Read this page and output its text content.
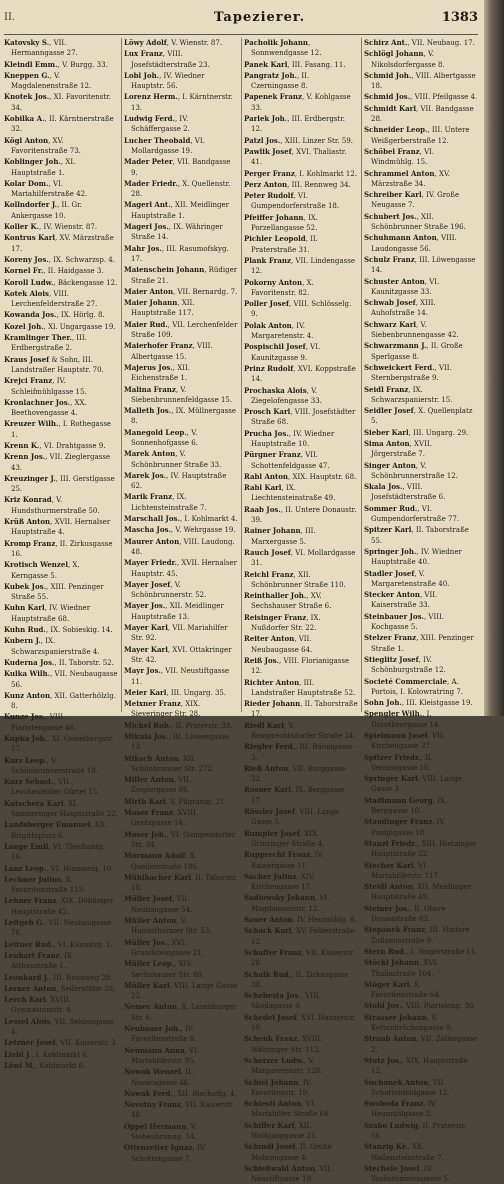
II.	Tapezierer.	1383
Katovsky S., VII. Hermanngasse 27.
Kleindl Emm., V. Burgg. 33.
Kneppen G., V. Magdalenenstraße 12.
Knotek Jos., XI. Favoritenstr. 34.
Kobilka A., II. Kärntnerstraße 32.
Kögl Anton, XV. Favoritenstraße 73.
Koblinger Joh., XI. Hauptstraße 1.
Kolar Dom., VI. Mariahilferstraße 42.
Kollndorfer J., II. Gr. Ankergasse 10.
Koller K., IV. Wienstr. 87.
Kontrus Karl, XV. Märzstraße 17.
Koreny Jos., IX. Schwarzsp. 4.
Kornel Fr., II. Haidgasse 3.
Koroll Ludw., Bäckengasse 12.
Kotek Alois, VIII. Lerchenfelderstraße 27.
Kowanda Jos., IX. Hörlg. 8.
Kozel Joh., Xl. Ungargasse 19.
Kramlinger Ther., III. Erdbergstraße 2.
Kraus Josef & Sohn, III. Landstraßer Hauptstr. 70.
Krejci Franz, IV. Schleifmühlgasse 15.
Kronlachner Jos., XX. Beethovengasse 4.
Kreuzer Wilh., I. Rothegasse 1.
Krenn K., VI. Drahtgasse 9.
Krenn Jos., VII. Zieglergasse 43.
Kreuzinger J., III. Gerstlgasse 25.
Kriz Konrad, V. Hundsthurmerstraße 50.
Krüß Anton, XVII. Hernalser Hauptstraße 4.
Kromp Franz, II. Zirkusgasse 16.
Krotisch Wenzel, X. Kerngasse 5.
Kubek Jos., XIII. Penzinger Straße 55.
Kuhn Karl, IV. Wiedner Hauptstraße 68.
Kuhn Rud., IX. Sobieskig. 14.
Kubern J., IX. Schwarzspanierstraße 4.
Kuderna Jos., II. Taborstr. 52.
Kulka Wilh., VII. Neubaugasse 56.
Kunz Anton, XII. Gatterhölzlg. 8.
Kunze Jos., VIII. Piaristengasse 46.
Kupka Joh., XI. Geiselbergstr. 17.
Kurz Leop., V. Schönbrunnerstraße 18.
Kurz Sebast., VII. Lerchenfelder Gürtel 15.
Kutschera Karl, XI. Simmeringer Hauptstraße 22.
Landsberger Emanuel, XX. Brigittaplatz 6.
Lange Emil, VI. Theobaldg. 16.
Lanz Leop., VI. Hummelg. 10.
Lechner Julius, X. Favoritenstraße 113.
Lehner Franz, XIX. Döblinger Hauptstraße 42.
Leitgeb G., VII. Neubaugasse 76.
Leitner Rud., VI. Kaunitzg. 1.
Lenhart Franz, IX. Althanstraße 1.
Leonhard J., III. Rennweg 28.
Lerner Anton, Seilerstätte 28.
Lerch Karl, XVIII. Gymnasiumstr. 4.
Lessel Alois, VII. Seidengasse 4.
Letzner Josef, VII. Kaiserstr. 3.
Liebl J., I. Kohlmarkt 6.
Löwi M., Kohlmarkt 6.
Löwy Adolf, V. Wienstr. 87.
Lux Franz, VIII. Josefstädterstraße 23.
Lobl Joh., IV. Wiedner Hauptstr. 56.
Lorenz Herm., I. Kärntnerstr. 13.
Ludwig Ferd., IV. Schäffergasse 2.
Lucher Theobald, VI. Mollardgasse 19.
Mader Peter, VII. Bandgasse 9.
Mader Friedr., X. Quellenstr. 28.
Magerl Ant., XII. Meidlinger Hauptstraße 1.
Magerl Jos., IX. Währinger Straße 14.
Mahr Jos., III. Rasumofskyg. 17.
Maienschein Johann, Rüdiger Straße 21.
Maier Anton, VII. Bernardg. 7.
Maier Johann, XII. Hauptstraße 117.
Maier Rud., VII. Lerchenfelder Straße 109.
Maierhofer Franz, VIII. Albertgasse 15.
Majerus Jos., XII. Eichenstraße 1.
Malina Franz, V. Siebenbrunnenfeldgasse 15.
Malleth Jos., IX. Müllnergasse 8.
Manegold Leop., V. Sonnenhofgasse 6.
Marek Anton, V. Schönbrunner Straße 33.
Marek Jos., IV. Hauptstraße 62.
Marik Franz, IX. Lichtensteinstraße 7.
Marschall Jos., I. Kohlmarkt 4.
Mascha Jos., V. Wehrgasse 19.
Maurer Anton, VIII. Laudong. 48.
Mayer Friedr., XVII. Hernalser Hauptstr. 45.
Mayer Josef, V. Schönbrunnerstr. 52.
Mayer Jos., XII. Meidlinger Hauptstraße 13.
Mayer Karl, VII. Mariahilfer Str. 92.
Mayer Karl, XVI. Ottakringer Str. 42.
Mayr Jos., VII. Neustiftgasse 11.
Meier Karl, III. Ungarg. 35.
Meixner Franz, XIX. Sieveringer Str. 28.
Michel Rob., II. Praterstr. 38.
Mikula Jos., III. Löwengasse 13.
Miksch Anton, XII. Schönbrunner Str. 272.
Miller Anton, VII. Zieglergasse 86.
Mirth Karl, V. Pilgramg. 21.
Moser Franz, XVIII. Gentzgasse 14.
Moser Joh., VI. Gumpendorfer Str. 34.
Mormann Adolf, X. Quellenstraße 186.
Mühlbacher Karl, II. Taborstr. 18.
Müller Josef, VII. Neubaugasse 54.
Müller Anton, V. Hundsthurmer Str. 53.
Müller Jos., XVI. Grundsteingasse 21.
Müller Leop., XIV. Sechshauser Str. 80.
Müller Karl, VIII. Lange Gasse 22.
Nemec Anton, X. Laxenburger Str. 6.
Neubauer Joh., IV. Favoritenstraße 8.
Neumann Anna, VI. Mariahilferstr. 95.
Nowak Wenzel, II. Novaragasse 46.
Nowak Ferd., XII. Bischoffg. 4.
Novotny Franz, VII. Kaiserstr. 48.
Oppel Hermann, V. Siebenbrunng. 14.
Ottenreiter Ignaz, IV. Schottengasse 7.
Pacholik Johann, Sonnwendgasse 12.
Panek Karl, III. Fasang. 11.
Pangratz Joh., II. Czerningasse 8.
Papenek Franz, V. Kohlgasse 33.
Parlek Joh., III. Erdbergstr. 12.
Patzl Jos., XIII. Linzer Str. 59.
Pawlik Josef, XVI. Thaliastr. 41.
Perger Franz, I. Kohlmarkt 12.
Perz Anton, III. Rennweg 34.
Peter Rudolf, VI. Gumpendorferstraße 18.
Pfeiffer Johann, IX. Porzellangasse 52.
Pichler Leopold, II. Praterstraße 31.
Plank Franz, VII. Lindengasse 12.
Pokorny Anton, X. Favoritenstr. 82.
Poller Josef, VIII. Schlösselg. 9.
Polak Anton, IV. Margaretenstr. 4.
Pospischil Josef, VI. Kaunitzgasse 9.
Prinz Rudolf, XVI. Koppstraße 14.
Prochaska Alois, V. Ziegelofengasse 33.
Prosch Karl, VIII. Josefstädter Straße 68.
Prucha Jos., IV. Wiedner Hauptstraße 10.
Pürgner Franz, VII. Schottenfeldgasse 47.
Rabl Anton, XIX. Hauptstr. 68.
Rabl Karl, IX. Liechtensteinstraße 49.
Raab Jos., II. Untere Donaustr. 39.
Rainer Johann, III. Marxergasse 5.
Rauch Josef, VI. Mollardgasse 31.
Reichl Franz, XII. Schönbrunner Straße 110.
Reinthaller Joh., XV. Sechshauser Straße 6.
Reisinger Franz, IX. Nußdorfer Str. 22.
Reiter Anton, VII. Neubaugasse 64.
Reiß Jos., VIII. Florianigasse 12.
Richter Anton, III. Landstraßer Hauptstraße 52.
Rieder Johann, II. Taborstraße 17.
Riedl Karl, V. Reinprechtsdorfer Straße 24.
Riegler Ferd., III. Baumgasse 3.
Rieß Anton, VII. Burggasse 32.
Rosner Karl, IX. Berggasse 17.
Rössler Josef, VIII. Lange Gasse 5.
Rumpler Josef, XIX. Grinzinger Straße 4.
Rupprecht Franz, IV. Rainergasse 11.
Sacher Julius, XIV. Kirchengasse 17.
Sadlowsky Johann, VI. Magdalenenstr. 12.
Sauer Anton, IV. Heumühlg. 8.
Schack Karl, XV. Felberstraße 12.
Schaffer Franz, VII. Kaiserstr. 28.
Schalk Rud., II. Zirkusgasse 38.
Schebesta Jos., VIII. Skodagasse 9.
Schedel Josef, XVI. Hasnerstr. 19.
Schenk Franz, XVIII. Währinger Str. 112.
Scherzer Ludw., V. Margaretenstr. 128.
Schiel Johann, IV. Favoritenstr. 19.
Schiestl Anton, VI. Mariahilfer Straße 64.
Schiffer Karl, XII. Wolfganggasse 21.
Schindl Josef, II. Große Mohrengasse 4.
Schießwald Anton, VII. Neustiftgasse 19.
Schirz Ant., VII. Neubaug. 17.
Schlögl Johann, V. Nikolsdorfergasse 8.
Schmid Joh., VIII. Albertgasse 18.
Schmid Jos., VIII. Pfeilgasse 4.
Schmidt Karl, VII. Bandgasse 28.
Schneider Leop., III. Untere Weißgerberstraße 12.
Schöbel Franz, VI. Windmühlg. 15.
Schrammel Anton, XV. Märzstraße 34.
Schreiber Karl, IV. Große Neugasse 7.
Schubert Jos., XII. Schönbrunner Straße 196.
Schuhmann Anton, VIII. Laudongasse 56.
Schulz Franz, III. Löwengasse 14.
Schuster Anton, VI. Kaunitzgasse 33.
Schwab Josef, XIII. Auhofstraße 14.
Schwarz Karl, V. Siebenbrunnengasse 42.
Schwarzmann J., II. Große Sperlgasse 8.
Schweickert Ferd., VII. Sternbergstraße 9.
Seidl Franz, IX. Schwarzspanierstr. 15.
Seidler Josef, X. Quellenplatz 5.
Sieber Karl, III. Ungarg. 29.
Sima Anton, XVII. Jörgerstraße 7.
Singer Anton, V. Schönbrunnerstraße 12.
Skala Jos., VIII. Josefstädterstraße 6.
Sommer Rud., VI. Gumpendorferstraße 77.
Spitzer Karl, II. Taborstraße 55.
Springer Joh., IV. Wiedner Hauptstraße 40.
Stadler Josef, V. Margaretenstraße 40.
Stecker Anton, VII. Kaiserstraße 33.
Steinbauer Jos., VIII. Kochgasse 5.
Stelzer Franz, XIII. Penzinger Straße 1.
Stieglitz Josef, IV. Schönburgstraße 12.
Societé Commerciale, A. Portois, I. Kolowratring 7.
Sohn Joh., III. Kleistgasse 19.
Spengler Wilh., I. Dorotheergasse 14.
Spielmann Josef, VII. Kirchengasse 27.
Spitzer Friedr., II. Vereinsgasse 10.
Springer Karl, VIII. Lange Gasse 3.
Stadlmann Georg, IX. Berggasse 10.
Staudinger Franz, IV. Paniglgasse 18.
Stanzl Friedr., XIII. Hietzinger Hauptstraße 22.
Stecher Karl, VI. Mariahilferstr. 117.
Steidl Anton, XII. Meidlinger Hauptstraße 49.
Steiner Jos., II. Obere Donaustraße 83.
Stepanek Franz, III. Hintere Zollamtsstraße 9.
Stern Rud., I. Singerstraße 11.
Stöckl Johann, XVI. Thaliastraße 104.
Stöger Karl, X. Favoritenstraße 64.
Stohl Jos., VIII. Piaristeng. 36.
Strasser Johann, V. Kettenbrückengasse 9.
Straub Anton, VII. Zollergasse 2.
Stutz Jos., XIX. Hauptstraße 12.
Suchanek Anton, VII. Schottenfeldgasse 12.
Swoboda Franz, IV. Heumühlgasse 2.
Szabo Ludwig, II. Praterstr. 56.
Stanzig Kr., XX. Wallensteinstraße 7.
Stechele Josef, IV. Taubstummengasse 5.
